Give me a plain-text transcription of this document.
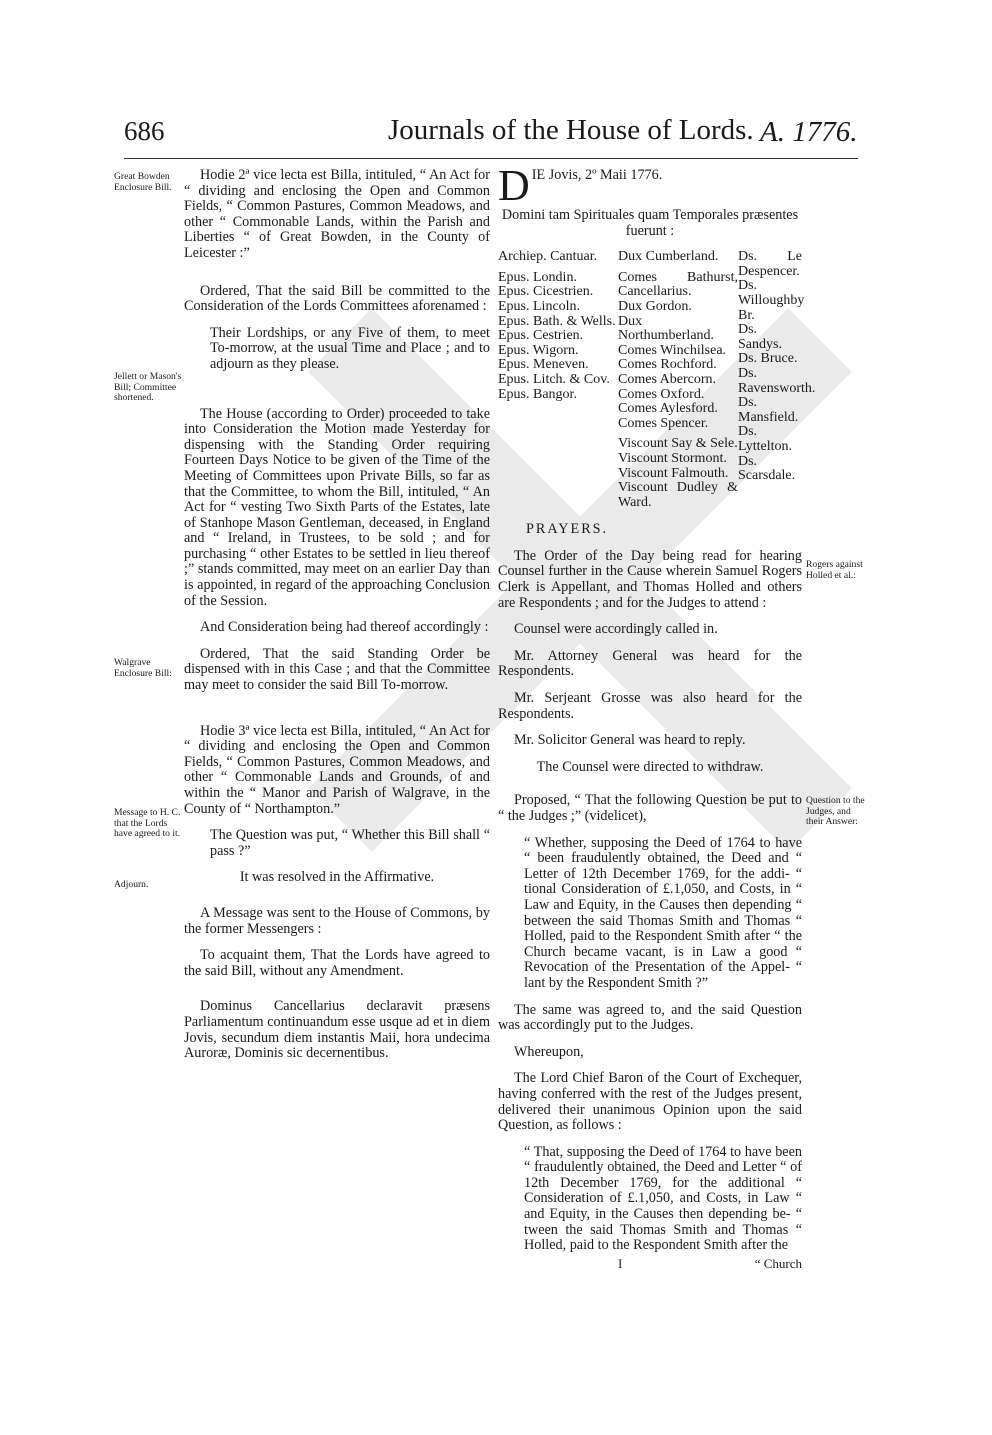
686	Journals of the House of Lords. A. 1776.
Great Bowden Enclosure Bill.
Jellett or Mason's Bill; Committee shortened.
Walgrave Enclosure Bill:
Message to H. C. that the Lords have agreed to it.
Adjourn.
Rogers against Holled et al.:
Question to the Judges, and their Answer:

Hodie 2ª vice lecta est Billa, intituled, “ An Act for “ dividing and enclosing the Open and Common Fields, “ Common Pastures, Common Meadows, and other “ Commonable Lands, within the Parish and Liberties “ of Great Bowden, in the County of Leicester :”

Ordered, That the said Bill be committed to the Consideration of the Lords Committees aforenamed :

Their Lordships, or any Five of them, to meet To-morrow, at the usual Time and Place ; and to adjourn as they please.

The House (according to Order) proceeded to take into Consideration the Motion made Yesterday for dispensing with the Standing Order requiring Fourteen Days Notice to be given of the Time of the Meeting of Committees upon Private Bills, so far as that the Committee, to whom the Bill, intituled, “ An Act for “ vesting Two Sixth Parts of the Estates, late of Stanhope Mason Gentleman, deceased, in England and “ Ireland, in Trustees, to be sold ; and for purchasing “ other Estates to be settled in lieu thereof ;” stands committed, may meet on an earlier Day than is appointed, in regard of the approaching Conclusion of the Session.

And Consideration being had thereof accordingly :

Ordered, That the said Standing Order be dispensed with in this Case ; and that the Committee may meet to consider the said Bill To-morrow.

Hodie 3ª vice lecta est Billa, intituled, “ An Act for “ dividing and enclosing the Open and Common Fields, “ Common Pastures, Common Meadows, and other “ Commonable Lands and Grounds, of and within the “ Manor and Parish of Walgrave, in the County of “ Northampton.”

The Question was put, “ Whether this Bill shall “ pass ?”

It was resolved in the Affirmative.

A Message was sent to the House of Commons, by the former Messengers :

To acquaint them, That the Lords have agreed to the said Bill, without any Amendment.

Dominus Cancellarius declaravit præsens Parliamentum continuandum esse usque ad et in diem Jovis, secundum diem instantis Maii, hora undecima Auroræ, Dominis sic decernentibus.

DIE Jovis, 2º Maii 1776.

Domini tam Spirituales quam Temporales præsentes fuerunt :

Archiep. Cantuar.

Epus. Londin.
Epus. Cicestrien.
Epus. Lincoln.
Epus. Bath. & Wells.
Epus. Cestrien.
Epus. Wigorn.
Epus. Meneven.
Epus. Litch. & Cov.
Epus. Bangor.
Dux Cumberland.

Comes Bathurst, Cancellarius.
Dux Gordon.
Dux Northumberland.
Comes Winchilsea.
Comes Rochford.
Comes Abercorn.
Comes Oxford.
Comes Aylesford.
Comes Spencer.

Viscount Say & Sele.
Viscount Stormont.
Viscount Falmouth.
Viscount Dudley & Ward.
Ds. Le Despencer.
Ds. Willoughby Br.
Ds. Sandys.
Ds. Bruce.
Ds. Ravensworth.
Ds. Mansfield.
Ds. Lyttelton.
Ds. Scarsdale.

PRAYERS.

The Order of the Day being read for hearing Counsel further in the Cause wherein Samuel Rogers Clerk is Appellant, and Thomas Holled and others are Respondents ; and for the Judges to attend :

Counsel were accordingly called in.

Mr. Attorney General was heard for the Respondents.

Mr. Serjeant Grosse was also heard for the Respondents.

Mr. Solicitor General was heard to reply.

The Counsel were directed to withdraw.

Proposed, “ That the following Question be put to “ the Judges ;” (videlicet),

“ Whether, supposing the Deed of 1764 to have “ been fraudulently obtained, the Deed and “ Letter of 12th December 1769, for the addi- “ tional Consideration of £.1,050, and Costs, in “ Law and Equity, in the Causes then depending “ between the said Thomas Smith and Thomas “ Holled, paid to the Respondent Smith after “ the Church became vacant, is in Law a good “ Revocation of the Presentation of the Appel- “ lant by the Respondent Smith ?”

The same was agreed to, and the said Question was accordingly put to the Judges.

Whereupon,

The Lord Chief Baron of the Court of Exchequer, having conferred with the rest of the Judges present, delivered their unanimous Opinion upon the said Question, as follows :

“ That, supposing the Deed of 1764 to have been “ fraudulently obtained, the Deed and Letter “ of 12th December 1769, for the additional “ Consideration of £.1,050, and Costs, in Law “ and Equity, in the Causes then depending be- “ tween the said Thomas Smith and Thomas “ Holled, paid to the Respondent Smith after the

I	“ Church
